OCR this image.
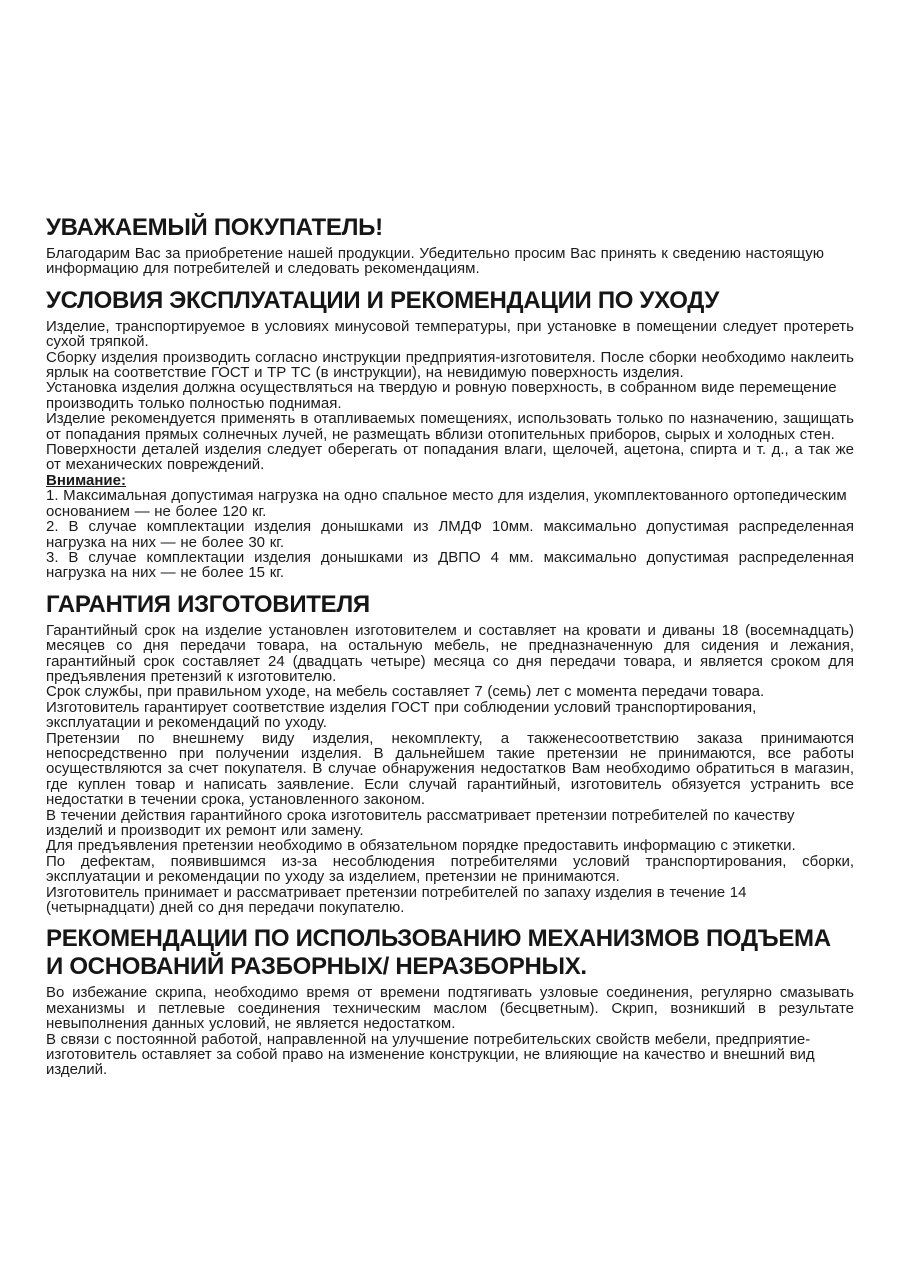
УВАЖАЕМЫЙ ПОКУПАТЕЛЬ!

Благодарим Вас за приобретение нашей продукции. Убедительно просим Вас принять к сведению настоящую информацию для потребителей и следовать рекомендациям.

УСЛОВИЯ ЭКСПЛУАТАЦИИ И РЕКОМЕНДАЦИИ ПО УХОДУ

Изделие, транспортируемое в условиях минусовой температуры, при установке в помещении следует протереть сухой тряпкой.

Сборку изделия производить согласно инструкции предприятия-изготовителя. После сборки необходимо наклеить ярлык на соответствие ГОСТ и ТР ТС (в инструкции), на невидимую поверхность изделия.

Установка изделия должна осуществляться на твердую и ровную поверхность, в собранном виде перемещение производить только полностью поднимая.

Изделие рекомендуется применять в отапливаемых помещениях, использовать только по назначению, защищать от попадания прямых солнечных лучей, не размещать вблизи отопительных приборов, сырых и холодных стен.

Поверхности деталей изделия следует оберегать от попадания влаги, щелочей, ацетона, спирта и т. д., а так же от механических повреждений.

Внимание:

1. Максимальная допустимая нагрузка на одно спальное место для изделия, укомплектованного ортопедическим основанием — не более 120 кг.

2. В случае комплектации изделия донышками из ЛМДФ 10мм. максимально допустимая распределенная нагрузка на них — не более 30 кг.

3. В случае комплектации изделия донышками из ДВПО 4 мм. максимально допустимая распределенная нагрузка на них — не более 15 кг.

ГАРАНТИЯ ИЗГОТОВИТЕЛЯ

Гарантийный срок на изделие установлен изготовителем и составляет на кровати и диваны 18 (восемнадцать) месяцев со дня передачи товара, на остальную мебель, не предназначенную для сидения и лежания, гарантийный срок составляет 24 (двадцать четыре) месяца со дня передачи товара, и является сроком для предъявления претензий к изготовителю.

Срок службы, при правильном уходе, на мебель составляет 7 (семь) лет с момента передачи товара.

Изготовитель гарантирует соответствие изделия ГОСТ при соблюдении условий транспортирования, эксплуатации и рекомендаций по уходу.

Претензии по внешнему виду изделия, некомплекту, а такженесоответствию заказа принимаются непосредственно при получении изделия. В дальнейшем такие претензии не принимаются, все работы осуществляются за счет покупателя. В случае обнаружения недостатков Вам необходимо обратиться в магазин, где куплен товар и написать заявление. Если случай гарантийный, изготовитель обязуется устранить все недостатки в течении срока, установленного законом.

В течении действия гарантийного срока изготовитель рассматривает претензии потребителей по качеству изделий и производит их ремонт или замену.

Для предъявления претензии необходимо в обязательном порядке предоставить информацию с этикетки.

По дефектам, появившимся из-за несоблюдения потребителями условий транспортирования, сборки, эксплуатации и рекомендации по уходу за изделием, претензии не принимаются.

Изготовитель принимает и рассматривает претензии потребителей по запаху изделия в течение 14 (четырнадцати) дней со дня передачи покупателю.

РЕКОМЕНДАЦИИ ПО ИСПОЛЬЗОВАНИЮ МЕХАНИЗМОВ ПОДЪЕМА
И ОСНОВАНИЙ РАЗБОРНЫХ/ НЕРАЗБОРНЫХ.

Во избежание скрипа, необходимо время от времени подтягивать узловые соединения, регулярно смазывать механизмы и петлевые соединения техническим маслом (бесцветным). Скрип, возникший в результате невыполнения данных условий, не является недостатком.

В связи с постоянной работой, направленной на улучшение потребительских свойств мебели, предприятие-изготовитель оставляет за собой право на изменение конструкции, не влияющие на качество и внешний вид изделий.
